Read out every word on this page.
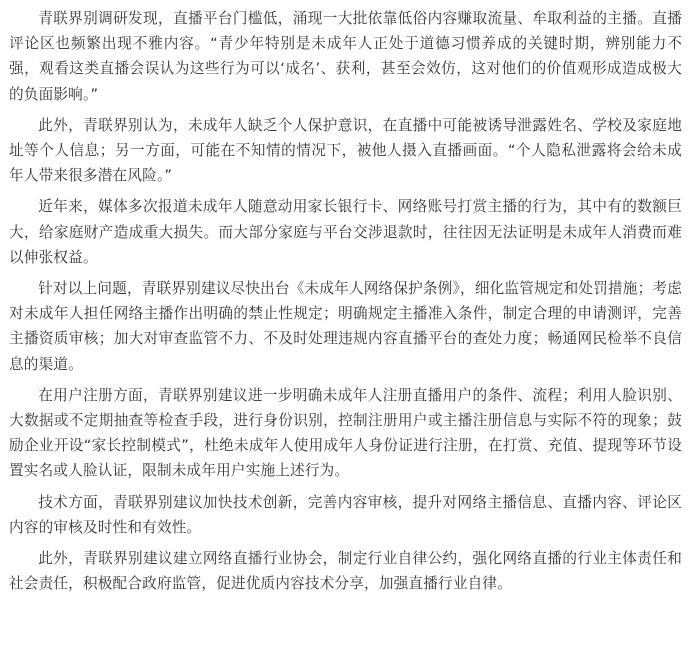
青联界别调研发现，直播平台门槛低，涌现一大批依靠低俗内容赚取流量、牟取利益的主播。直播评论区也频繁出现不雅内容。“青少年特别是未成年人正处于道德习惯养成的关键时期，辨别能力不强，观看这类直播会误认为这些行为可以‘成名’、获利，甚至会效仿，这对他们的价值观形成造成极大的负面影响。”

此外，青联界别认为，未成年人缺乏个人保护意识，在直播中可能被诱导泄露姓名、学校及家庭地址等个人信息；另一方面，可能在不知情的情况下，被他人摄入直播画面。“个人隐私泄露将会给未成年人带来很多潜在风险。”

近年来，媒体多次报道未成年人随意动用家长银行卡、网络账号打赏主播的行为，其中有的数额巨大，给家庭财产造成重大损失。而大部分家庭与平台交涉退款时，往往因无法证明是未成年人消费而难以伸张权益。

针对以上问题，青联界别建议尽快出台《未成年人网络保护条例》，细化监管规定和处罚措施；考虑对未成年人担任网络主播作出明确的禁止性规定；明确规定主播准入条件，制定合理的申请测评，完善主播资质审核；加大对审查监管不力、不及时处理违规内容直播平台的查处力度；畅通网民检举不良信息的渠道。

在用户注册方面，青联界别建议进一步明确未成年人注册直播用户的条件、流程；利用人脸识别、大数据或不定期抽查等检查手段，进行身份识别，控制注册用户或主播注册信息与实际不符的现象；鼓励企业开设“家长控制模式”，杜绝未成年人使用成年人身份证进行注册，在打赏、充值、提现等环节设置实名或人脸认证，限制未成年用户实施上述行为。

技术方面，青联界别建议加快技术创新，完善内容审核，提升对网络主播信息、直播内容、评论区内容的审核及时性和有效性。

此外，青联界别建议建立网络直播行业协会，制定行业自律公约，强化网络直播的行业主体责任和社会责任，积极配合政府监管，促进优质内容技术分享，加强直播行业自律。
